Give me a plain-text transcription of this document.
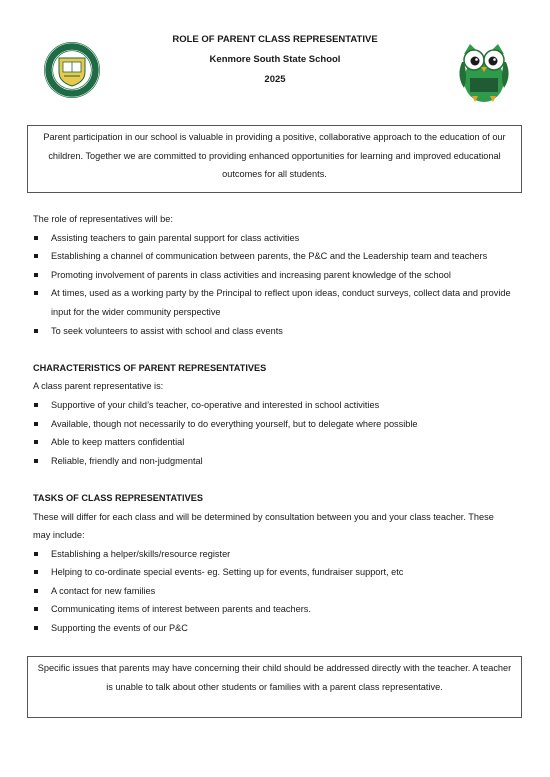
ROLE OF PARENT CLASS REPRESENTATIVE
Kenmore South State School
2025
Parent participation in our school is valuable in providing a positive, collaborative approach to the education of our children. Together we are committed to providing enhanced opportunities for learning and improved educational outcomes for all students.

The role of representatives will be:

Assisting teachers to gain parental support for class activities
Establishing a channel of communication between parents, the P&C and the Leadership team and teachers
Promoting involvement of parents in class activities and increasing parent knowledge of the school
At times, used as a working party by the Principal to reflect upon ideas, conduct surveys, collect data and provide input for the wider community perspective
To seek volunteers to assist with school and class events
CHARACTERISTICS OF PARENT REPRESENTATIVES

A class parent representative is:

Supportive of your child’s teacher, co-operative and interested in school activities
Available, though not necessarily to do everything yourself, but to delegate where possible
Able to keep matters confidential
Reliable, friendly and non-judgmental
TASKS OF CLASS REPRESENTATIVES

These will differ for each class and will be determined by consultation between you and your class teacher. These may include:

Establishing a helper/skills/resource register
Helping to co-ordinate special events- eg. Setting up for events, fundraiser support, etc
A contact for new families
Communicating items of interest between parents and teachers.
Supporting the events of our P&C
Specific issues that parents may have concerning their child should be addressed directly with the teacher. A teacher is unable to talk about other students or families with a parent class representative.
